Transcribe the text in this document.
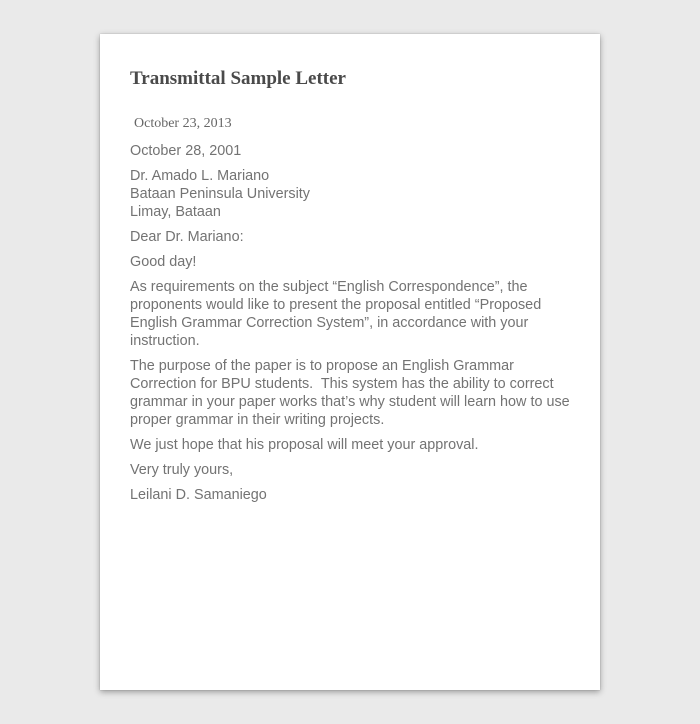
Transmittal Sample Letter
October 23, 2013

October 28, 2001

Dr. Amado L. Mariano
Bataan Peninsula University
Limay, Bataan

Dear Dr. Mariano:

Good day!

As requirements on the subject “English Correspondence”, the proponents would like to present the proposal entitled “Proposed English Grammar Correction System”, in accordance with your instruction.

The purpose of the paper is to propose an English Grammar Correction for BPU students.  This system has the ability to correct grammar in your paper works that’s why student will learn how to use proper grammar in their writing projects.

We just hope that his proposal will meet your approval.

Very truly yours,

Leilani D. Samaniego
